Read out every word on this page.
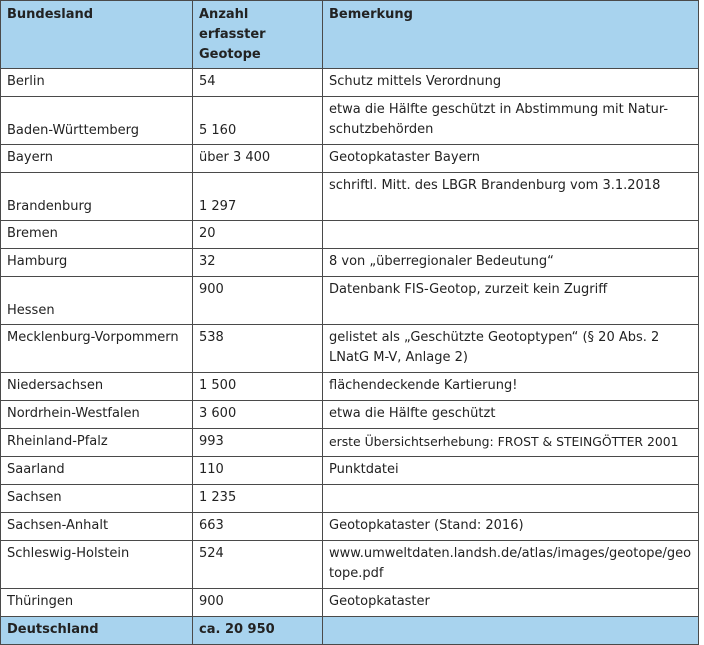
Bundesland	Anzahl erfasster Geotope	Bemerkung
Berlin	54	Schutz mittels Verordnung
Baden-Württemberg	5 160	etwa die Hälfte geschützt in Abstimmung mit Natur-schutzbehörden
Bayern	über 3 400	Geotopkataster Bayern
Brandenburg	1 297	schriftl. Mitt. des LBGR Brandenburg vom 3.1.2018
Bremen	20	
Hamburg	32	8 von „überregionaler Bedeutung“
Hessen	900	Datenbank FIS-Geotop, zurzeit kein Zugriff
Mecklenburg-Vorpommern	538	gelistet als „Geschützte Geotoptypen“ (§ 20 Abs. 2 LNatG M-V, Anlage 2)
Niedersachsen	1 500	flächendeckende Kartierung!
Nordrhein-Westfalen	3 600	etwa die Hälfte geschützt
Rheinland-Pfalz	993	erste Übersichtserhebung: FROST & STEINGÖTTER 2001
Saarland	110	Punktdatei
Sachsen	1 235	
Sachsen-Anhalt	663	Geotopkataster (Stand: 2016)
Schleswig-Holstein	524	www.umweltdaten.landsh.de/atlas/images/geotope/geotope.pdf
Thüringen	900	Geotopkataster
Deutschland	ca. 20 950	
